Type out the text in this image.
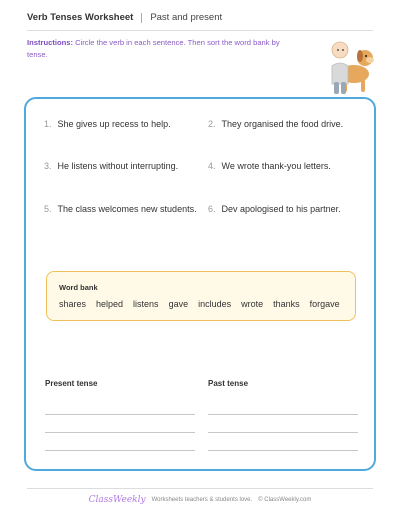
Verb Tenses Worksheet Past and present
Instructions: Circle the verb in each sentence. Then sort the word bank by tense.
1. She gives up recess to help.	2. They organised the food drive.
3. He listens without interrupting.	4. We wrote thank-you letters.
5. The class welcomes new students. 6. Dev apologised to his partner.
Word bank
shares helped listens gave includes wrote thanks forgave
Present tense	Past tense
ClassWeekly Worksheets teachers & students love. © ClassWeekly.com
